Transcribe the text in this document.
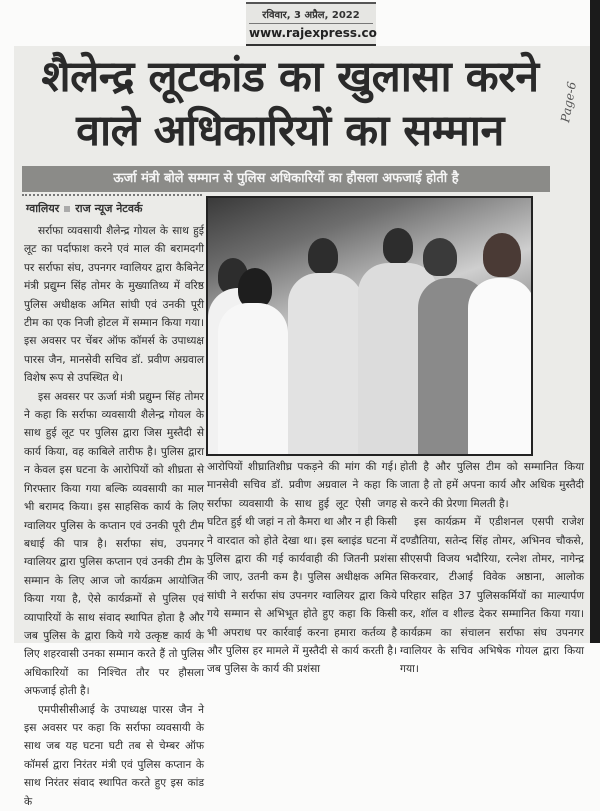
रविवार, 3 अप्रैल, 2022
www.rajexpress.co
Page-6
शैलेन्द्र लूटकांड का खुलासा करने
वाले अधिकारियों का सम्मान
ऊर्जा मंत्री बोले सम्मान से पुलिस अधिकारियों का हौसला अफजाई होती है
ग्वालियर राज न्यूज नेटवर्क

सर्राफा व्यवसायी शैलेन्द्र गोयल के साथ हुई लूट का पर्दाफाश करने एवं माल की बरामदगी पर सर्राफा संघ, उपनगर ग्वालियर द्वारा कैबिनेट मंत्री प्रद्युम्न सिंह तोमर के मुख्यातिथ्य में वरिष्ठ पुलिस अधीक्षक अमित सांघी एवं उनकी पूरी टीम का एक निजी होटल में सम्मान किया गया। इस अवसर पर चेंबर ऑफ कॉमर्स के उपाध्यक्ष पारस जैन, मानसेवी सचिव डॉ. प्रवीण अग्रवाल विशेष रूप से उपस्थित थे।

इस अवसर पर ऊर्जा मंत्री प्रद्युम्न सिंह तोमर ने कहा कि सर्राफा व्यवसायी शैलेन्द्र गोयल के साथ हुई लूट पर पुलिस द्वारा जिस मुस्तैदी से कार्य किया, वह काबिले तारीफ है। पुलिस द्वारा न केवल इस घटना के आरोपियों को शीघ्रता से गिरफ्तार किया गया बल्कि व्यवसायी का माल भी बरामद किया। इस साहसिक कार्य के लिए ग्वालियर पुलिस के कप्तान एवं उनकी पूरी टीम बधाई की पात्र है। सर्राफा संघ, उपनगर ग्वालियर द्वारा पुलिस कप्तान एवं उनकी टीम के सम्मान के लिए आज जो कार्यक्रम आयोजित किया गया है, ऐसे कार्यक्रमों से पुलिस एवं व्यापारियों के साथ संवाद स्थापित होता है और जब पुलिस के द्वारा किये गये उत्कृष्ट कार्य के लिए शहरवासी उनका सम्मान करते हैं तो पुलिस अधिकारियों का निश्चित तौर पर हौसला अफजाई होती है।

एमपीसीसीआई के उपाध्यक्ष पारस जैन ने इस अवसर पर कहा कि सर्राफा व्यवसायी के साथ जब यह घटना घटी तब से चेम्बर ऑफ कॉमर्स द्वारा निरंतर मंत्री एवं पुलिस कप्तान के साथ निरंतर संवाद स्थापित करते हुए इस कांड के

आरोपियों शीघ्रातिशीघ्र पकड़ने की मांग की गई। मानसेवी सचिव डॉ. प्रवीण अग्रवाल ने कहा कि सर्राफा व्यवसायी के साथ हुई लूट ऐसी जगह घटित हुई थी जहां न तो कैमरा था और न ही किसी ने वारदात को होते देखा था। इस ब्लाइंड घटना में पुलिस द्वारा की गई कार्यवाही की जितनी प्रशंसा की जाए, उतनी कम है। पुलिस अधीक्षक अमित सांघी ने सर्राफा संघ उपनगर ग्वालियर द्वारा किये गये सम्मान से अभिभूत होते हुए कहा कि किसी भी अपराध पर कार्रवाई करना हमारा कर्तव्य है और पुलिस हर मामले में मुस्तैदी से कार्य करती है। जब पुलिस के कार्य की प्रशंसा

होती है और पुलिस टीम को सम्मानित किया जाता है तो हमें अपना कार्य और अधिक मुस्तैदी से करने की प्रेरणा मिलती है।

इस कार्यक्रम में एडीशनल एसपी राजेश दण्डौतिया, सतेन्द सिंह तोमर, अभिनव चौकसे, सीएसपी विजय भदौरिया, रत्नेश तोमर, नागेन्द्र सिकरवार, टीआई विवेक अष्ठाना, आलोक परिहार सहित 37 पुलिसकर्मियों का माल्यार्पण कर, शॉल व शील्ड देकर सम्मानित किया गया। कार्यक्रम का संचालन सर्राफा संघ उपनगर ग्वालियर के सचिव अभिषेक गोयल द्वारा किया गया।
